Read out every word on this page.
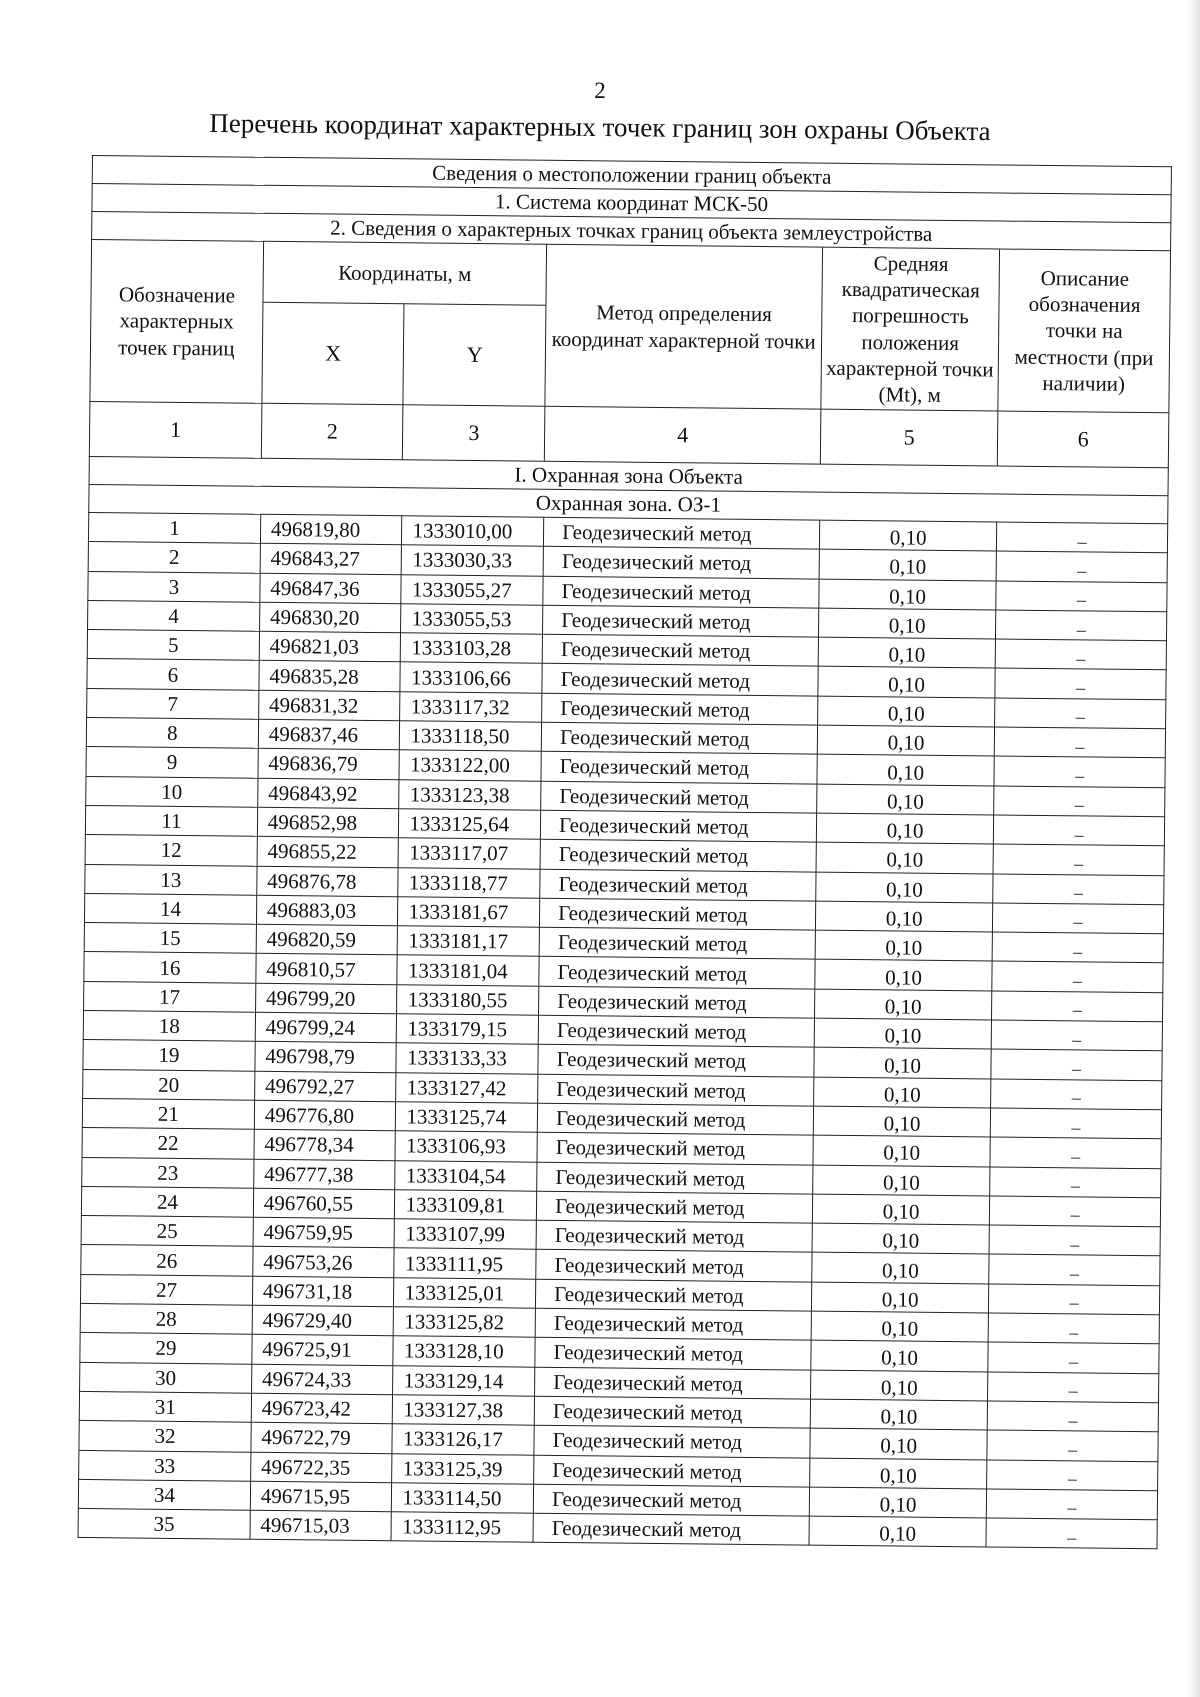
2
Перечень координат характерных точек границ зон охраны Объекта
Сведения о местоположении границ объекта					
1. Система координат МСК-50					
2. Сведения о характерных точках границ объекта землеустройства					
Обозначение характерных точек границ	Координаты, м		Метод определения координат характерной точки	Средняя квадратическая погрешность положения характерной точки (Mt), м	Описание обозначения точки на местности (при наличии)
	X	Y			
1	2	3	4	5	6
I. Охранная зона Объекта					
Охранная зона. ОЗ-1					
1	496819,80	1333010,00	Геодезический метод	0,10	–
2	496843,27	1333030,33	Геодезический метод	0,10	–
3	496847,36	1333055,27	Геодезический метод	0,10	–
4	496830,20	1333055,53	Геодезический метод	0,10	–
5	496821,03	1333103,28	Геодезический метод	0,10	–
6	496835,28	1333106,66	Геодезический метод	0,10	–
7	496831,32	1333117,32	Геодезический метод	0,10	–
8	496837,46	1333118,50	Геодезический метод	0,10	–
9	496836,79	1333122,00	Геодезический метод	0,10	–
10	496843,92	1333123,38	Геодезический метод	0,10	–
11	496852,98	1333125,64	Геодезический метод	0,10	–
12	496855,22	1333117,07	Геодезический метод	0,10	–
13	496876,78	1333118,77	Геодезический метод	0,10	–
14	496883,03	1333181,67	Геодезический метод	0,10	–
15	496820,59	1333181,17	Геодезический метод	0,10	–
16	496810,57	1333181,04	Геодезический метод	0,10	–
17	496799,20	1333180,55	Геодезический метод	0,10	–
18	496799,24	1333179,15	Геодезический метод	0,10	–
19	496798,79	1333133,33	Геодезический метод	0,10	–
20	496792,27	1333127,42	Геодезический метод	0,10	–
21	496776,80	1333125,74	Геодезический метод	0,10	–
22	496778,34	1333106,93	Геодезический метод	0,10	–
23	496777,38	1333104,54	Геодезический метод	0,10	–
24	496760,55	1333109,81	Геодезический метод	0,10	–
25	496759,95	1333107,99	Геодезический метод	0,10	–
26	496753,26	1333111,95	Геодезический метод	0,10	–
27	496731,18	1333125,01	Геодезический метод	0,10	–
28	496729,40	1333125,82	Геодезический метод	0,10	–
29	496725,91	1333128,10	Геодезический метод	0,10	–
30	496724,33	1333129,14	Геодезический метод	0,10	–
31	496723,42	1333127,38	Геодезический метод	0,10	–
32	496722,79	1333126,17	Геодезический метод	0,10	–
33	496722,35	1333125,39	Геодезический метод	0,10	–
34	496715,95	1333114,50	Геодезический метод	0,10	–
35	496715,03	1333112,95	Геодезический метод	0,10	–
